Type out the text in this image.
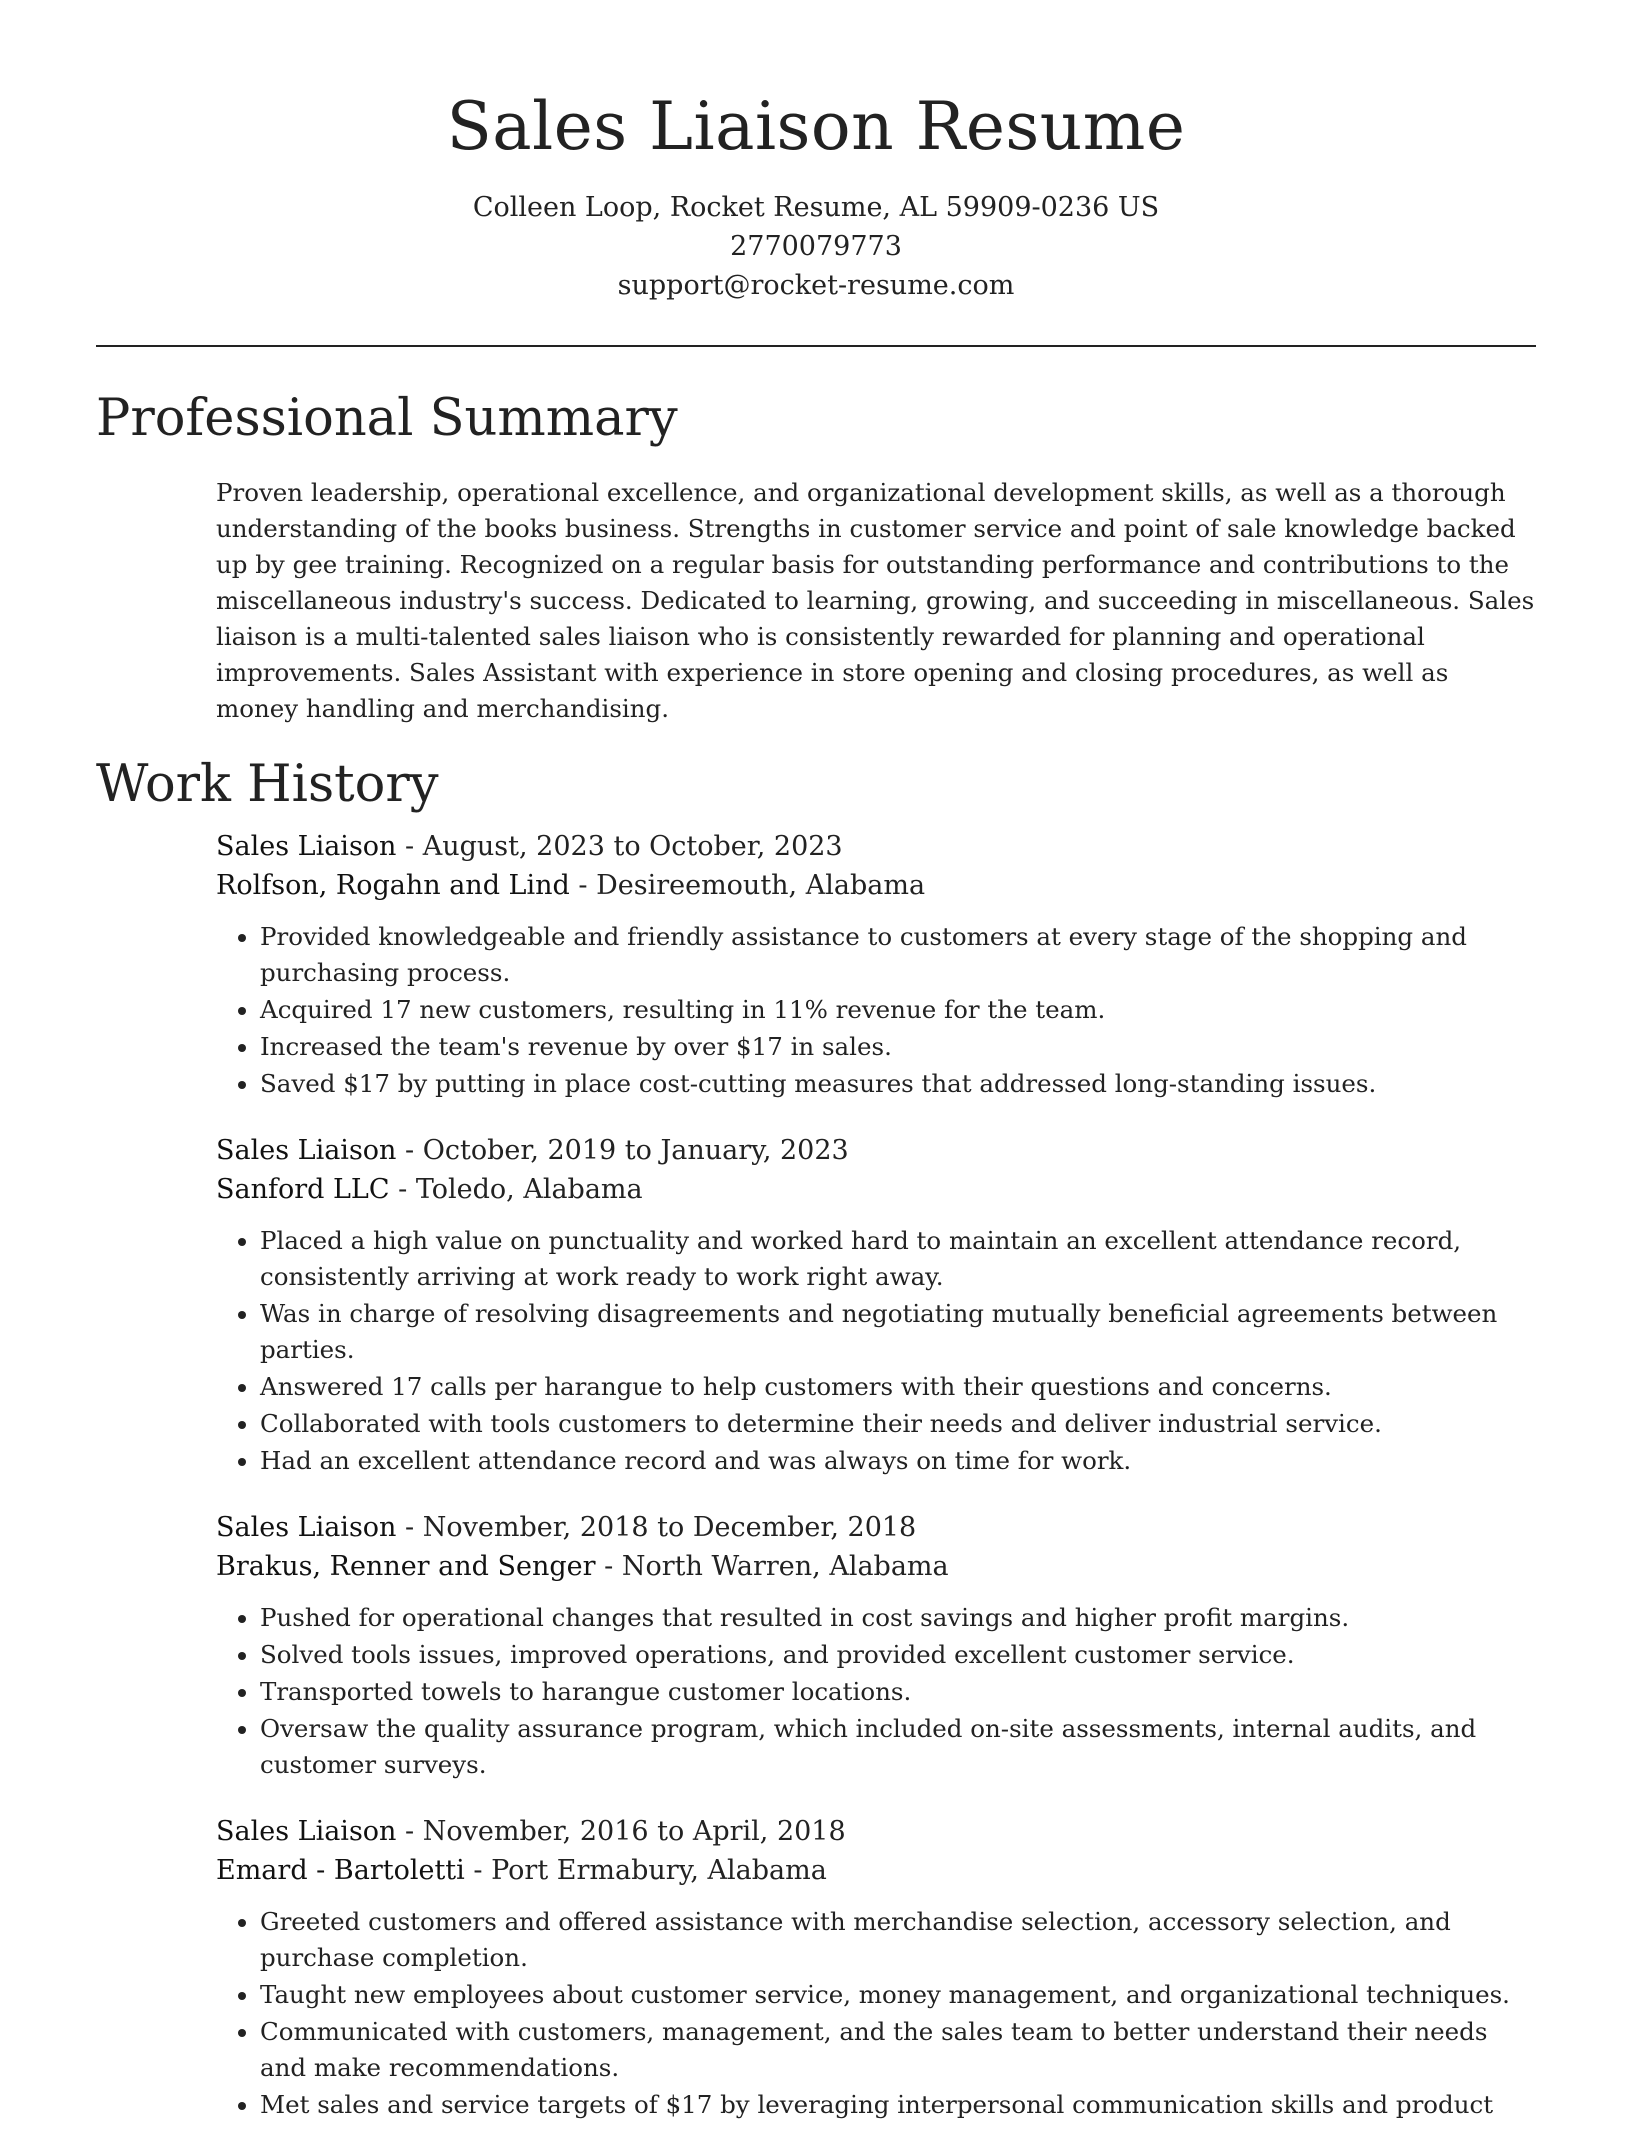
Sales Liaison Resume
Colleen Loop, Rocket Resume, AL 59909-0236 US
2770079773
support@rocket-resume.com
Professional Summary

Proven leadership, operational excellence, and organizational development skills, as well as a thorough understanding of the books business. Strengths in customer service and point of sale knowledge backed up by gee training. Recognized on a regular basis for outstanding performance and contributions to the miscellaneous industry's success. Dedicated to learning, growing, and succeeding in miscellaneous. Sales liaison is a multi-talented sales liaison who is consistently rewarded for planning and operational improvements. Sales Assistant with experience in store opening and closing procedures, as well as money handling and merchandising.

Work History
Sales Liaison - August, 2023 to October, 2023
Rolfson, Rogahn and Lind - Desireemouth, Alabama
• Provided knowledgeable and friendly assistance to customers at every stage of the shopping and purchasing process.
• Acquired 17 new customers, resulting in 11% revenue for the team.
• Increased the team's revenue by over $17 in sales.
• Saved $17 by putting in place cost-cutting measures that addressed long-standing issues.
Sales Liaison - October, 2019 to January, 2023
Sanford LLC - Toledo, Alabama
• Placed a high value on punctuality and worked hard to maintain an excellent attendance record, consistently arriving at work ready to work right away.
• Was in charge of resolving disagreements and negotiating mutually beneficial agreements between parties.
• Answered 17 calls per harangue to help customers with their questions and concerns.
• Collaborated with tools customers to determine their needs and deliver industrial service.
• Had an excellent attendance record and was always on time for work.
Sales Liaison - November, 2018 to December, 2018
Brakus, Renner and Senger - North Warren, Alabama
• Pushed for operational changes that resulted in cost savings and higher profit margins.
• Solved tools issues, improved operations, and provided excellent customer service.
• Transported towels to harangue customer locations.
• Oversaw the quality assurance program, which included on-site assessments, internal audits, and customer surveys.
Sales Liaison - November, 2016 to April, 2018
Emard - Bartoletti - Port Ermabury, Alabama
• Greeted customers and offered assistance with merchandise selection, accessory selection, and purchase completion.
• Taught new employees about customer service, money management, and organizational techniques.
• Communicated with customers, management, and the sales team to better understand their needs and make recommendations.
• Met sales and service targets of $17 by leveraging interpersonal communication skills and product
